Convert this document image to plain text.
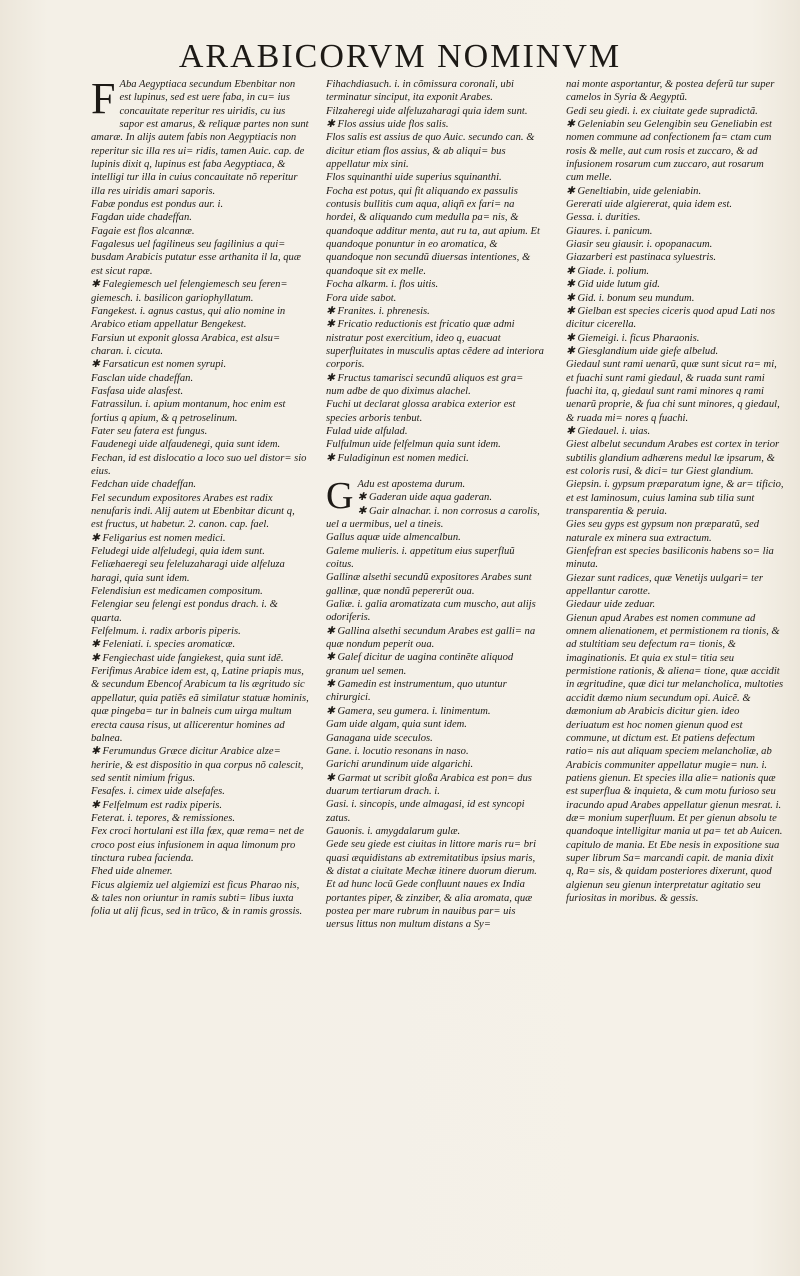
ARABICORVM NOMINVM
F Aba Aegyptiaca secundum Ebenbitar non est lupinus, sed est uere faba, in cu= ius concauitate reperitur res uiridis, cu ius sapor est amarus, & reliquæ partes non sunt amaræ. In alijs autem fabis non Aegyptiacis non reperitur sic illa res ui= ridis, tamen Auic. cap. de lupinis dixit q, lupinus est faba Aegyptiaca, & intelligi tur illa in cuius concauitate nõ reperitur illa res uiridis amari saporis.

Fabæ pondus est pondus aur. i.

Fagdan uide chadeffan.

Fagaie est flos alcannæ.

Fagalesus uel fagilineus seu fagilinius a qui= busdam Arabicis putatur esse arthanita il la, quæ est sicut rapæ.

✱ Falegiemesch uel felengiemesch seu feren= giemesch. i. basilicon gariophyllatum.

Fangekest. i. agnus castus, qui alio nomine in Arabico etiam appellatur Bengekest.

Farsiun ut exponit glossa Arabica, est alsu= charan. i. cicuta.

✱ Farsaticun est nomen syrupi.

Fasclan uide chadeffan.

Fasfasa uide alasfest.

Fatrassilun. i. apium montanum, hoc enim est fortius q apium, & q petroselinum.

Fater seu fatera est fungus.

Faudenegi uide alfaudenegi, quia sunt idem.

Fechan, id est dislocatio a loco suo uel distor= sio eius.

Fedchan uide chadeffan.

Fel secundum expositores Arabes est radix nenufaris indi. Alij autem ut Ebenbitar dicunt q, est fructus, ut habetur. 2. canon. cap. fael.

✱ Feligarius est nomen medici.

Feludegi uide alfeludegi, quia idem sunt.

Feliæhaeregi seu feleluzaharagi uide alfeluza haragi, quia sunt idem.

Felendisiun est medicamen compositum.

Felengiar seu felengi est pondus drach. i. & quarta.

Felfelmum. i. radix arboris piperis.

✱ Feleniati. i. species aromaticæ.

✱ Fengiechast uide fangiekest, quia sunt idẽ.

Ferifimus Arabice idem est, q, Latine priapis mus, & secundum Ebencof Arabicum ta lis ægritudo sic appellatur, quia patiẽs eã similatur statuæ hominis, quæ pingeba= tur in balneis cum uirga multum erecta causa risus, ut allicerentur homines ad balnea.

✱ Ferumundus Græce dicitur Arabice alze= heririe, & est dispositio in qua corpus nõ calescit, sed sentit nimium frigus.

Fesafes. i. cimex uide alsefafes.

✱ Felfelmum est radix piperis.

Feterat. i. tepores, & remissiones.

Fex croci hortulani est illa fæx, quæ rema= net de croco post eius infusionem in aqua limonum pro tinctura rubea facienda.

Fhed uide alnemer.

Ficus algiemiz uel algiemizi est ficus Pharao nis, & tales non oriuntur in ramis subti= libus iuxta folia ut alij ficus, sed in trũco, & in ramis grossis.

Fihachdiasuch. i. in cõmissura coronali, ubi terminatur sinciput, ita exponit Arabes.

Filzaheregi uide alfeluzaharagi quia idem sunt.

✱ Flos assius uide flos salis.

Flos salis est assius de quo Auic. secundo can. & dicitur etiam flos assius, & ab aliqui= bus appellatur mix sini.

Flos squinanthi uide superius squinanthi.

Focha est potus, qui fit aliquando ex passulis contusis bullitis cum aqua, aliqñ ex fari= na hordei, & aliquando cum medulla pa= nis, & quandoque additur menta, aut ru ta, aut apium. Et quandoque ponuntur in eo aromatica, & quandoque non secundũ diuersas intentiones, & quandoque sit ex melle.

Focha alkarm. i. flos uitis.

Fora uide sabot.

✱ Franites. i. phrenesis.

✱ Fricatio reductionis est fricatio quæ admi nistratur post exercitium, ideo q, euacuat superfluitates in musculis aptas cẽdere ad interiora corporis.

✱ Fructus tamarisci secundũ aliquos est gra= num adbe de quo diximus alachel.

Fuchi ut declarat glossa arabica exterior est species arboris tenbut.

Fulad uide alfulad.

Fulfulmun uide felfelmun quia sunt idem.

✱ Fuladiginun est nomen medici.

G Adu est apostema durum.

✱ Gaderan uide aqua gaderan.

✱ Gair alnachar. i. non corrosus a carolis, uel a uermibus, uel a tineis.

Gallus aquæ uide almencalbun.

Galeme mulieris. i. appetitum eius superfluũ coitus.

Gallinæ alsethi secundũ expositores Arabes sunt gallinæ, quæ nondũ pepererũt oua.

Galiæ. i. galia aromatizata cum muscho, aut alijs odoriferis.

✱ Gallina alsethi secundum Arabes est galli= na quæ nondum peperit oua.

✱ Galef dicitur de uagina continẽte aliquod granum uel semen.

✱ Gamedin est instrumentum, quo utuntur chirurgici.

✱ Gamera, seu gumera. i. linimentum.

Gam uide algam, quia sunt idem.

Ganagana uide sceculos.

Gane. i. locutio resonans in naso.

Garichi arundinum uide algarichi.

✱ Garmat ut scribit gloßa Arabica est pon= dus duarum tertiarum drach. i.

Gasi. i. sincopis, unde almagasi, id est syncopi zatus.

Gauonis. i. amygdalarum gulæ.

Gede seu giede est ciuitas in littore maris ru= bri quasi æquidistans ab extremitatibus ipsius maris, & distat a ciuitate Mechæ itinere duorum dierum. Et ad hunc locũ Gede confluunt naues ex India portantes piper, & zinziber, & alia aromata, quæ postea per mare rubrum in nauibus par= uis uersus littus non multum distans a Sy=

nai monte asportantur, & postea deferũ tur super camelos in Syria & Aegyptũ.

Gedi seu giedi. i. ex ciuitate gede supradictã.

✱ Geleniabin seu Gelengibin seu Geneliabin est nomen commune ad confectionem fa= ctam cum rosis & melle, aut cum rosis et zuccaro, & ad infusionem rosarum cum zuccaro, aut rosarum cum melle.

✱ Geneltiabin, uide geleniabin.

Gererati uide algiererat, quia idem est.

Gessa. i. durities.

Giaures. i. panicum.

Giasir seu giausir. i. opopanacum.

Giazarberi est pastinaca syluestris.

✱ Giade. i. polium.

✱ Gid uide lutum gid.

✱ Gid. i. bonum seu mundum.

✱ Gielban est species ciceris quod apud Lati nos dicitur cicerella.

✱ Giemeigi. i. ficus Pharaonis.

✱ Giesglandium uide giefe albelud.

Giedaul sunt rami uenarũ, quæ sunt sicut ra= mi, et fuachi sunt rami giedaul, & ruada sunt rami fuachi ita, q, giedaul sunt rami minores q rami uenarũ proprie, & fua chi sunt minores, q giedaul, & ruada mi= nores q fuachi.

✱ Giedauel. i. uias.

Giest albelut secundum Arabes est cortex in terior subtilis glandium adhærens medul læ ipsarum, & est coloris rusi, & dici= tur Giest glandium.

Giepsin. i. gypsum præparatum igne, & ar= tificio, et est laminosum, cuius lamina sub tilia sunt transparentia & peruia.

Gies seu gyps est gypsum non præparatũ, sed naturale ex minera sua extractum.

Gienfefran est species basiliconis habens so= lia minuta.

Giezar sunt radices, quæ Venetijs uulgari= ter appellantur carotte.

Giedaur uide zeduar.

Gienun apud Arabes est nomen commune ad omnem alienationem, et permistionem ra tionis, & ad stultitiam seu defectum ra= tionis, & imaginationis. Et quia ex stul= titia seu permistione rationis, & aliena= tione, quæ accidit in ægritudine, quæ dici tur melancholica, multoties accidit dæmo nium secundum opi. Auicẽ. & dæmonium ab Arabicis dicitur gien. ideo deriuatum est hoc nomen gienun quod est commune, ut dictum est. Et patiens defectum ratio= nis aut aliquam speciem melancholiæ, ab Arabicis communiter appellatur mugie= nun. i. patiens gienun. Et species illa alie= nationis quæ est superflua & inquieta, & cum motu furioso seu iracundo apud Arabes appellatur gienun mesrat. i. dæ= monium superfluum. Et per gienun absolu te quandoque intelligitur mania ut pa= tet ab Auicen. capitulo de mania. Et Ebe nesis in expositione sua super librum Sa= marcandi capit. de mania dixit q, Ra= sis, & quidam posteriores dixerunt, quod algienun seu gienun interpretatur agitatio seu furiositas in moribus. & gessis.
